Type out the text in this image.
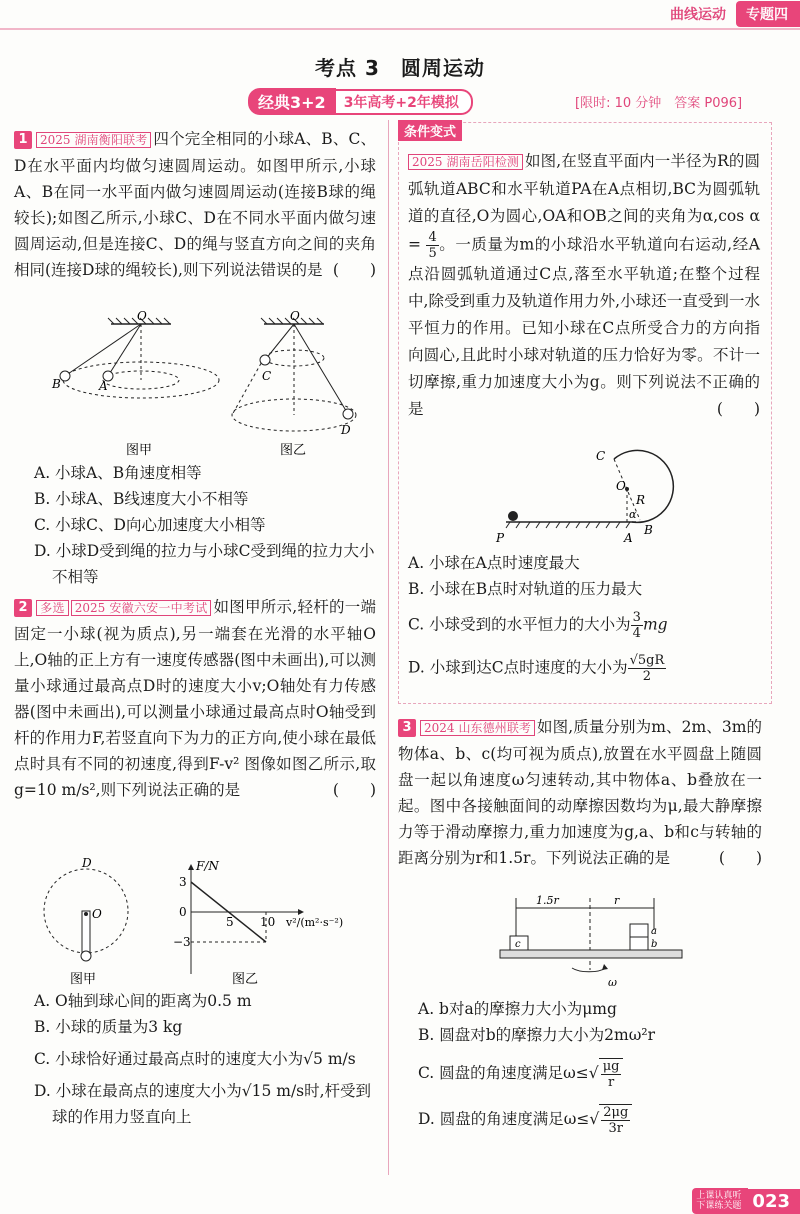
曲线运动	专题四
考点 3　圆周运动
经典3+2	3年高考+2年模拟	[限时: 10 分钟　答案 P096]
1 2025 湖南衡阳联考 四个完全相同的小球A、B、C、D在水平面内均做匀速圆周运动。如图甲所示,小球A、B在同一水平面内做匀速圆周运动(连接B球的绳较长);如图乙所示,小球C、D在不同水平面内做匀速圆周运动,但是连接C、D的绳与竖直方向之间的夹角相同(连接D球的绳较长),则下列说法错误的是 (　　)
O
B	A
O
C
D
图甲	图乙
A. 小球A、B角速度相等
B. 小球A、B线速度大小不相等
C. 小球C、D向心加速度大小相等
D. 小球D受到绳的拉力与小球C受到绳的拉力大小不相等
2 多选 2025 安徽六安一中考试 如图甲所示,轻杆的一端固定一小球(视为质点),另一端套在光滑的水平轴O上,O轴的正上方有一速度传感器(图中未画出),可以测量小球通过最高点D时的速度大小v;O轴处有力传感器(图中未画出),可以测量小球通过最高点时O轴受到杆的作用力F,若竖直向下为力的正方向,使小球在最低点时具有不同的初速度,得到F-v² 图像如图乙所示,取g=10 m/s²,则下列说法正确的是	(　　)
D
O
F/N
3
−3
0
5 10 v²/(m²·s⁻²)
图甲	图乙
A. O轴到球心间的距离为0.5 m
B. 小球的质量为3 kg
C. 小球恰好通过最高点时的速度大小为√5 m/s
D. 小球在最高点的速度大小为√15 m/s时,杆受到球的作用力竖直向上
条件变式
2025 湖南岳阳检测 如图,在竖直平面内一半径为R的圆弧轨道ABC和水平轨道PA在A点相切,BC为圆弧轨道的直径,O为圆心,OA和OB之间的夹角为α,cos $\alpha = \frac{4}{5}$ 。一质量为m的小球沿水平轨道向右运动,经A点沿圆弧轨道通过C点,落至水平轨道;在整个过程中,除受到重力及轨道作用力外,小球还一直受到一水平恒力的作用。已知小球在C点所受合力的方向指向圆心,且此时小球对轨道的压力恰好为零。不计一切摩擦,重力加速度大小为g。则下列说法不正确的是	(　　)
C
O
R
α
P	A
B
A. 小球在A点时速度最大
B. 小球在B点时对轨道的压力最大
C. 小球受到的水平恒力的大小为 $\frac{3}{4}$ mg
D. 小球到达C点时速度的大小为 $\frac{√5gR}{2}$
3 2024 山东德州联考 如图,质量分别为m、2m、3m的物体a、b、c(均可视为质点),放置在水平圆盘上随圆盘一起以角速度ω匀速转动,其中物体a、b叠放在一起。图中各接触面间的动摩擦因数均为μ,最大静摩擦力等于滑动摩擦力,重力加速度为g,a、b和c与转轴的距离分别为r和1.5r。下列说法正确的是	(　　)
1.5r	r
c
a
b
ω
A. b对a的摩擦力大小为μmg
B. 圆盘对b的摩擦力大小为2mω²r
C. 圆盘的角速度满足$\omega\le√ \frac{\mu g}{r}$
D. 圆盘的角速度满足$\omega\le√ \frac{2\mu g}{3r}$
上课认真听 下课练关题 023
